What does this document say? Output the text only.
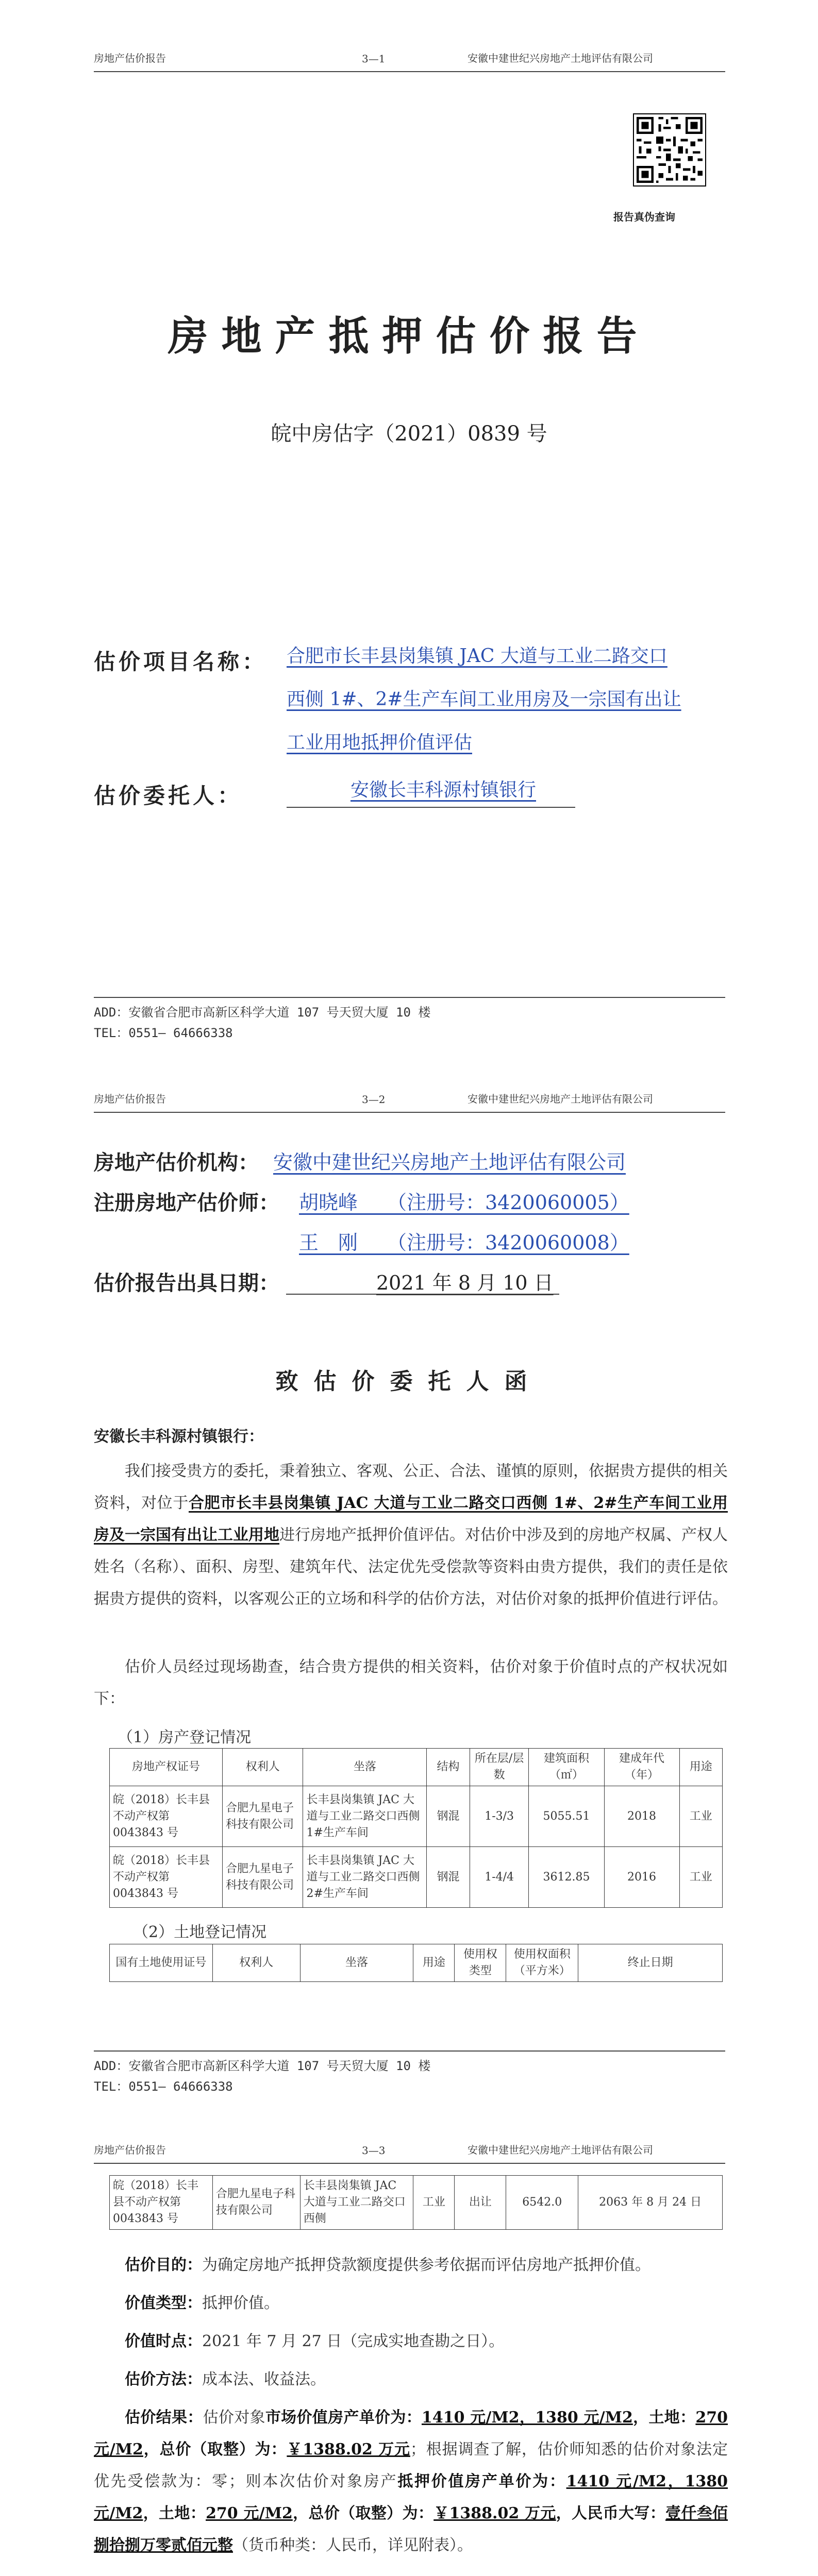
房地产估价报告	3—1	安徽中建世纪兴房地产土地评估有限公司
报告真伪查询
房地产抵押估价报告
皖中房估字（2021）0839 号
估价项目名称： 合肥市长丰县岗集镇 JAC 大道与工业二路交口
西侧 1#、2#生产车间工业用房及一宗国有出让
工业用地抵押价值评估
估价委托人：	安徽长丰科源村镇银行
ADD：安徽省合肥市高新区科学大道 107 号天贸大厦 10 楼
TEL：0551— 64666338
房地产估价报告	3—2	安徽中建世纪兴房地产土地评估有限公司
房地产估价机构： 安徽中建世纪兴房地产土地评估有限公司
注册房地产估价师： 胡晓峰　　（注册号：3420060005）
王　刚　　（注册号：3420060008）
估价报告出具日期：	2021 年 8 月 10 日
致估价委托人函
安徽长丰科源村镇银行：
我们接受贵方的委托，秉着独立、客观、公正、合法、谨慎的原则，依据贵方提供的相关资料，对位于合肥市长丰县岗集镇 JAC 大道与工业二路交口西侧 1#、2#生产车间工业用房及一宗国有出让工业用地进行房地产抵押价值评估。对估价中涉及到的房地产权属、产权人姓名（名称）、面积、房型、建筑年代、法定优先受偿款等资料由贵方提供，我们的责任是依据贵方提供的资料，以客观公正的立场和科学的估价方法，对估价对象的抵押价值进行评估。
估价人员经过现场勘查，结合贵方提供的相关资料，估价对象于价值时点的产权状况如下：
（1）房产登记情况
房地产权证号	权利人	坐落	结构	所在层/层数	建筑面积（㎡）	建成年代（年）	用途
皖（2018）长丰县不动产权第 0043843 号	合肥九星电子科技有限公司	长丰县岗集镇 JAC 大道与工业二路交口西侧 1#生产车间	钢混	1-3/3	5055.51	2018	工业
皖（2018）长丰县不动产权第 0043843 号	合肥九星电子科技有限公司	长丰县岗集镇 JAC 大道与工业二路交口西侧 2#生产车间	钢混	1-4/4	3612.85	2016	工业
（2）土地登记情况
国有土地使用证号	权利人	坐落	用途	使用权类型	使用权面积（平方米）	终止日期
ADD：安徽省合肥市高新区科学大道 107 号天贸大厦 10 楼
TEL：0551— 64666338
房地产估价报告	3—3	安徽中建世纪兴房地产土地评估有限公司
皖（2018）长丰县不动产权第 0043843 号	合肥九星电子科技有限公司	长丰县岗集镇 JAC 大道与工业二路交口西侧	工业	出让	6542.0	2063 年 8 月 24 日
估价目的：为确定房地产抵押贷款额度提供参考依据而评估房地产抵押价值。
价值类型：抵押价值。
价值时点：2021 年 7 月 27 日（完成实地查勘之日）。
估价方法：成本法、收益法。
估价结果：估价对象市场价值房产单价为：1410 元/M2，1380 元/M2，土地：270 元/M2，总价（取整）为：￥1388.02 万元；根据调查了解，估价师知悉的估价对象法定优先受偿款为：零；则本次估价对象房产抵押价值房产单价为：1410 元/M2，1380 元/M2，土地：270 元/M2，总价（取整）为：￥1388.02 万元，人民币大写：壹仟叁佰捌拾捌万零贰佰元整（货币种类：人民币，详见附表）。
